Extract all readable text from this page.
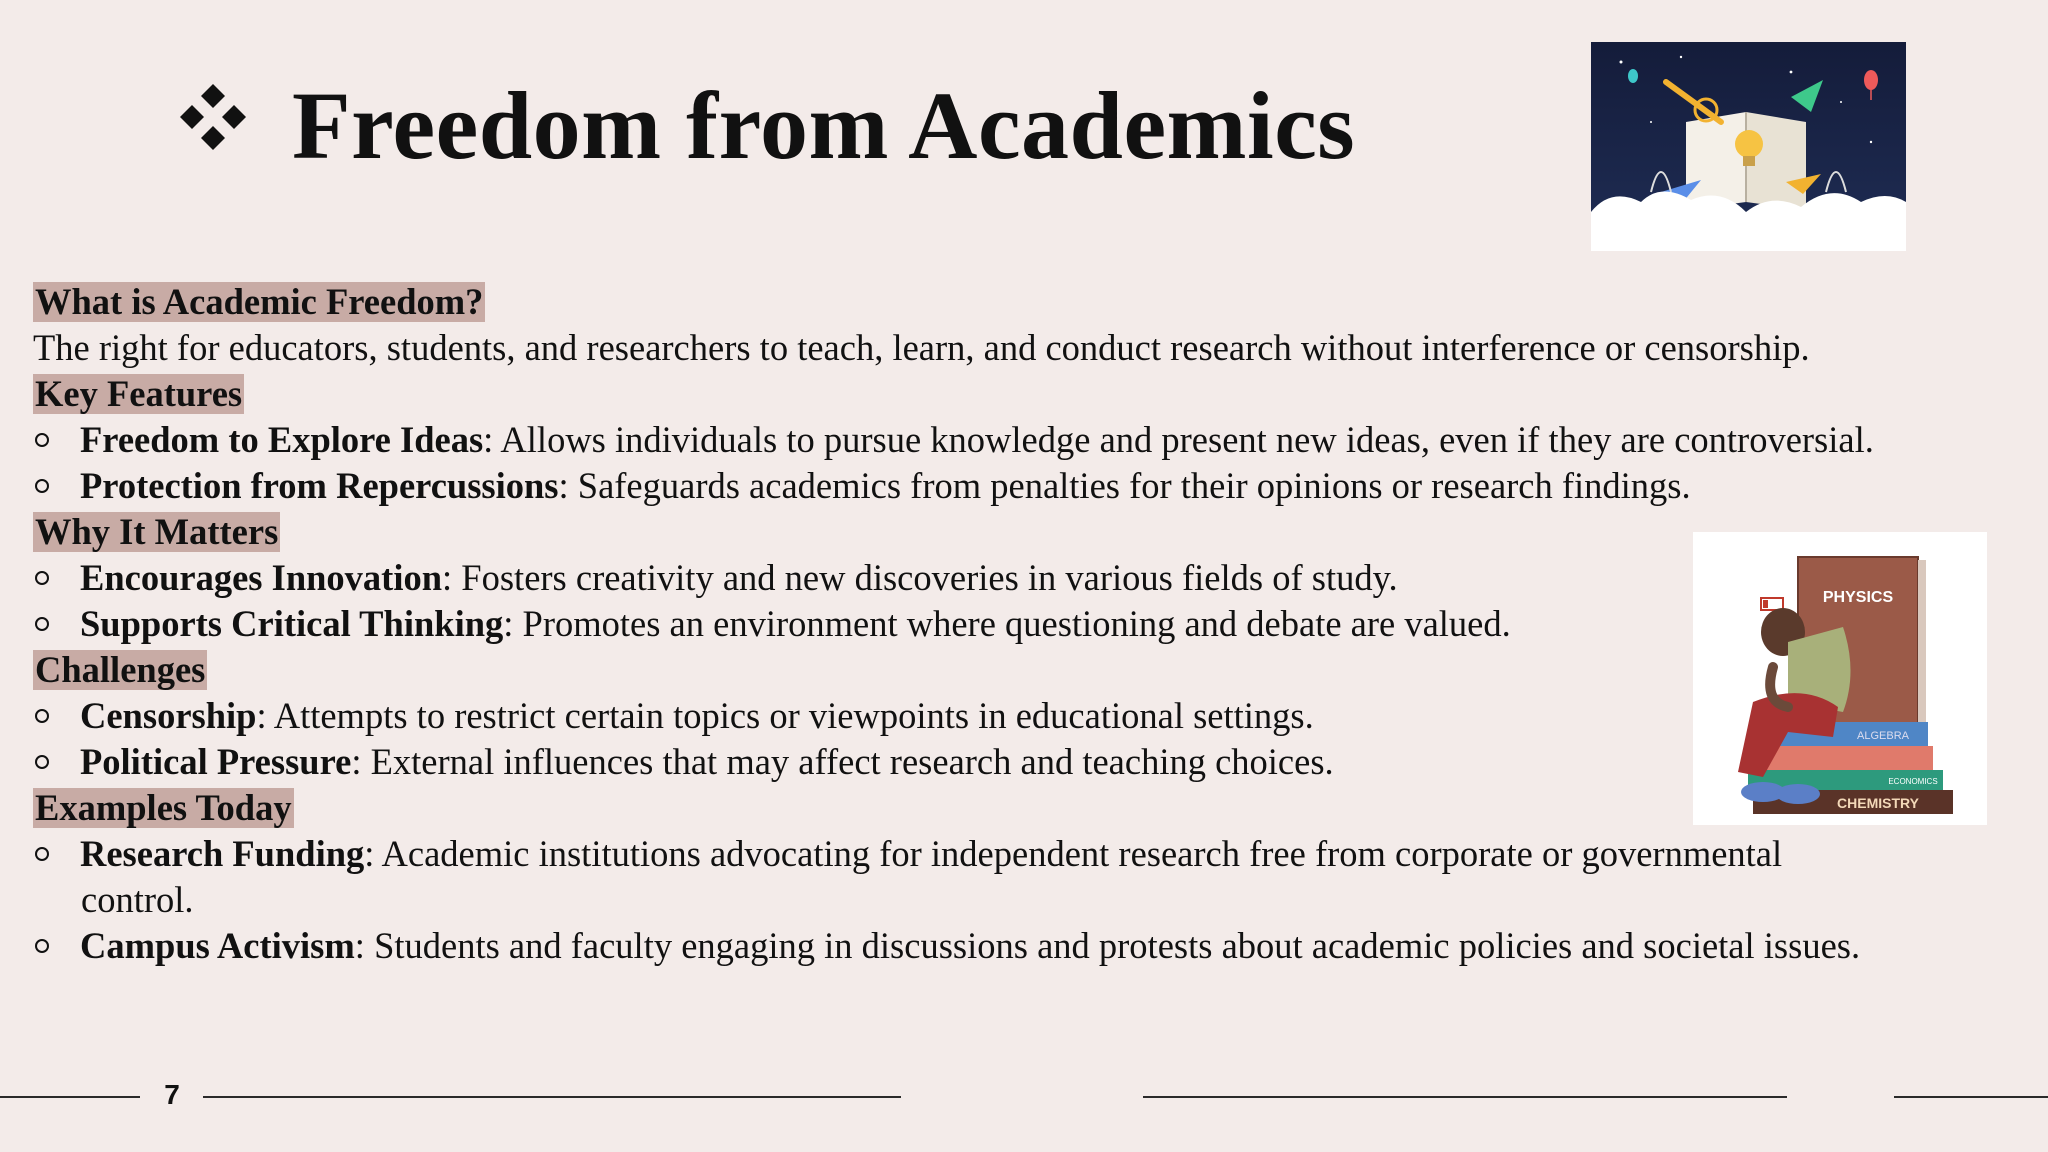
Freedom from Academics
PHYSICS
ALGEBRA
ECONOMICS
CHEMISTRY
What is Academic Freedom?
The right for educators, students, and researchers to teach, learn, and conduct research without interference or censorship.
Key Features
Freedom to Explore Ideas: Allows individuals to pursue knowledge and present new ideas, even if they are controversial.
Protection from Repercussions: Safeguards academics from penalties for their opinions or research findings.
Why It Matters
Encourages Innovation: Fosters creativity and new discoveries in various fields of study.
Supports Critical Thinking: Promotes an environment where questioning and debate are valued.
Challenges
Censorship: Attempts to restrict certain topics or viewpoints in educational settings.
Political Pressure: External influences that may affect research and teaching choices.
Examples Today
Research Funding: Academic institutions advocating for independent research free from corporate or governmental
control.
Campus Activism: Students and faculty engaging in discussions and protests about academic policies and societal issues.
7
